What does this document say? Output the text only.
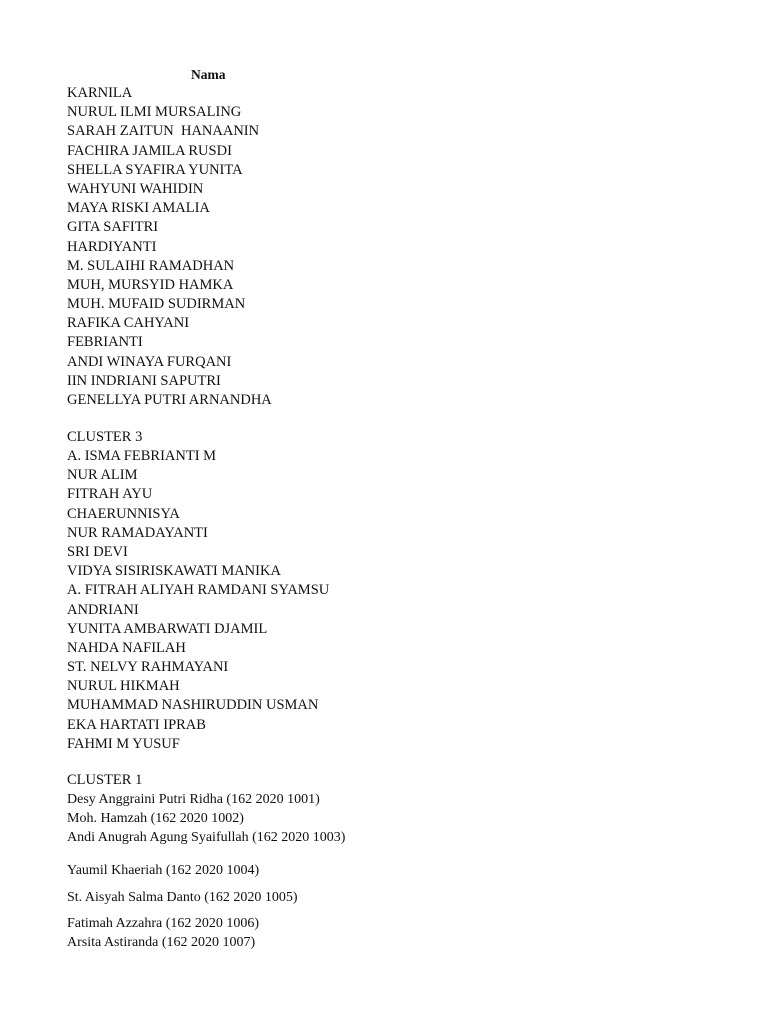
Nama
KARNILA
NURUL ILMI MURSALING
SARAH ZAITUN  HANAANIN
FACHIRA JAMILA RUSDI
SHELLA SYAFIRA YUNITA
WAHYUNI WAHIDIN
MAYA RISKI AMALIA
GITA SAFITRI
HARDIYANTI
M. SULAIHI RAMADHAN
MUH, MURSYID HAMKA
MUH. MUFAID SUDIRMAN
RAFIKA CAHYANI
FEBRIANTI
ANDI WINAYA FURQANI
IIN INDRIANI SAPUTRI
GENELLYA PUTRI ARNANDHA
CLUSTER 3
A. ISMA FEBRIANTI M
NUR ALIM
FITRAH AYU
CHAERUNNISYA
NUR RAMADAYANTI
SRI DEVI
VIDYA SISIRISKAWATI MANIKA
A. FITRAH ALIYAH RAMDANI SYAMSU
ANDRIANI
YUNITA AMBARWATI DJAMIL
NAHDA NAFILAH
ST. NELVY RAHMAYANI
NURUL HIKMAH
MUHAMMAD NASHIRUDDIN USMAN
EKA HARTATI IPRAB
FAHMI M YUSUF
CLUSTER 1
Desy Anggraini Putri Ridha (162 2020 1001)
Moh. Hamzah (162 2020 1002)
Andi Anugrah Agung Syaifullah (162 2020 1003)
Yaumil Khaeriah (162 2020 1004)
St. Aisyah Salma Danto (162 2020 1005)
Fatimah Azzahra (162 2020 1006)
Arsita Astiranda (162 2020 1007)
